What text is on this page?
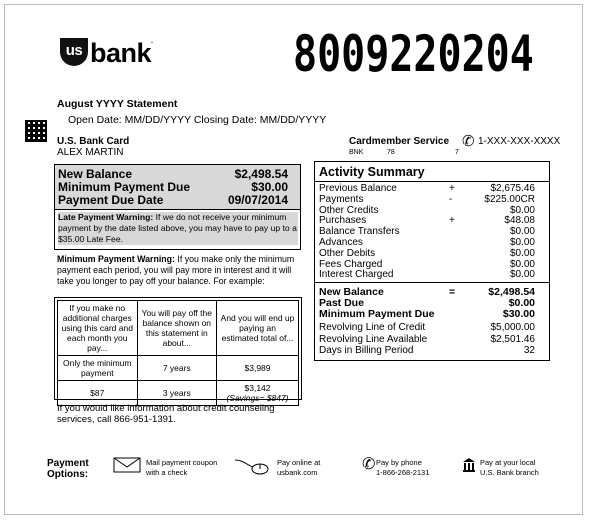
us bank.	8009220204
August YYYY Statement
Open Date: MM/DD/YYYY Closing Date: MM/DD/YYYY
U.S. Bank Card
ALEX MARTIN
Cardmember Service ✆ 1-XXX-XXX-XXXX
BNK	78	7
New Balance	$2,498.54
Minimum Payment Due	$30.00
Payment Due Date	09/07/2014
Late Payment Warning: If we do not receive your minimum payment by the date listed above, you may have to pay up to a $35.00 Late Fee.
Minimum Payment Warning: If you make only the minimum payment each period, you will pay more in interest and it will take you longer to pay off your balance. For example:
If you make no additional charges using this card and each month you pay...	You will pay off the balance shown on this statement in about...	And you will end up paying an estimated total of...
Only the minimum payment	7 years	$3,989
$87	3 years	$3,142
(Savings= $847)
If you would like information about credit counseling services, call 866-951-1391.
Activity Summary
Previous Balance	+	$2,675.46
Payments	-	$225.00CR
Other Credits	$0.00
Purchases	+	$48.08
Balance Transfers	$0.00
Advances	$0.00
Other Debits	$0.00
Fees Charged	$0.00
Interest Charged	$0.00
New Balance	=	$2,498.54
Past Due	$0.00
Minimum Payment Due	$30.00
Revolving Line of Credit	$5,000.00
Revolving Line Available	$2,501.46
Days in Billing Period	32
Payment
Options:
Mail payment coupon
with a check
Pay online at
usbank.com	✆ Pay by phone
1-866-268-2131
Pay at your local
U.S. Bank branch
